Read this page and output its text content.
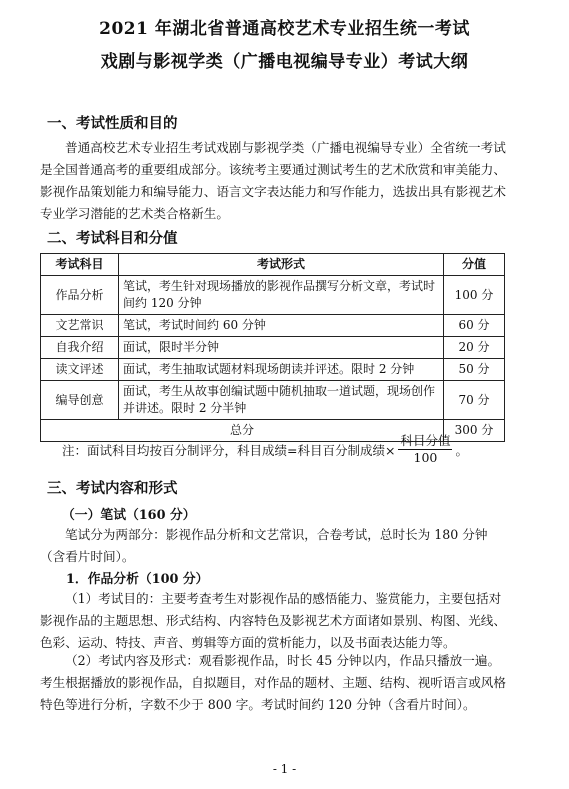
2021 年湖北省普通高校艺术专业招生统一考试
戏剧与影视学类（广播电视编导专业）考试大纲
一、考试性质和目的
普通高校艺术专业招生考试戏剧与影视学类（广播电视编导专业）全省统一考试是全国普通高考的重要组成部分。该统考主要通过测试考生的艺术欣赏和审美能力、影视作品策划能力和编导能力、语言文字表达能力和写作能力，选拔出具有影视艺术专业学习潜能的艺术类合格新生。
二、考试科目和分值
考试科目	考试形式	分值
作品分析	笔试，考生针对现场播放的影视作品撰写分析文章，考试时间约 120 分钟	100 分
文艺常识	笔试，考试时间约 60 分钟	60 分
自我介绍	面试，限时半分钟	20 分
读文评述	面试，考生抽取试题材料现场朗读并评述。限时 2 分钟	50 分
编导创意	面试，考生从故事创编试题中随机抽取一道试题，现场创作并讲述。限时 2 分半钟	70 分
总分		300 分
注：面试科目均按百分制评分，科目成绩=科目百分制成绩× $\frac{\text{科目分值}}{100}$ 。
三、考试内容和形式
（一）笔试（160 分）
笔试分为两部分：影视作品分析和文艺常识，合卷考试，总时长为 180 分钟（含看片时间）。
1．作品分析（100 分）
（1）考试目的：主要考查考生对影视作品的感悟能力、鉴赏能力，主要包括对影视作品的主题思想、形式结构、内容特色及影视艺术方面诸如景别、构图、光线、色彩、运动、特技、声音、剪辑等方面的赏析能力，以及书面表达能力等。
（2）考试内容及形式：观看影视作品，时长 45 分钟以内，作品只播放一遍。考生根据播放的影视作品，自拟题目，对作品的题材、主题、结构、视听语言或风格特色等进行分析，字数不少于 800 字。考试时间约 120 分钟（含看片时间）。
- 1 -
